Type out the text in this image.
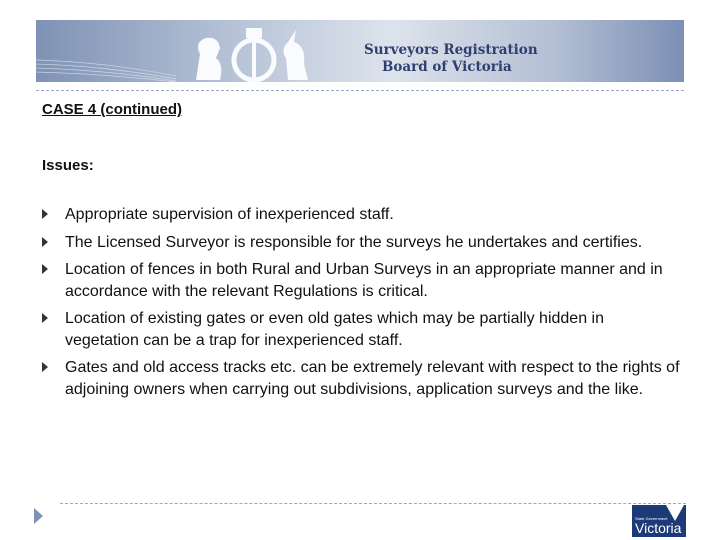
Surveyors Registration
Board of Victoria
CASE 4 (continued)
Issues:
Appropriate supervision of inexperienced staff.
The Licensed Surveyor is responsible for the surveys he undertakes and certifies.
Location of fences in both Rural and Urban Surveys in an appropriate manner and in accordance with the relevant Regulations is critical.
Location of existing gates or even old gates which may be partially hidden in vegetation can be a trap for inexperienced staff.
Gates and old access tracks etc. can be extremely relevant with respect to the rights of adjoining owners when carrying out subdivisions, application surveys and the like.
State Government
Victoria
